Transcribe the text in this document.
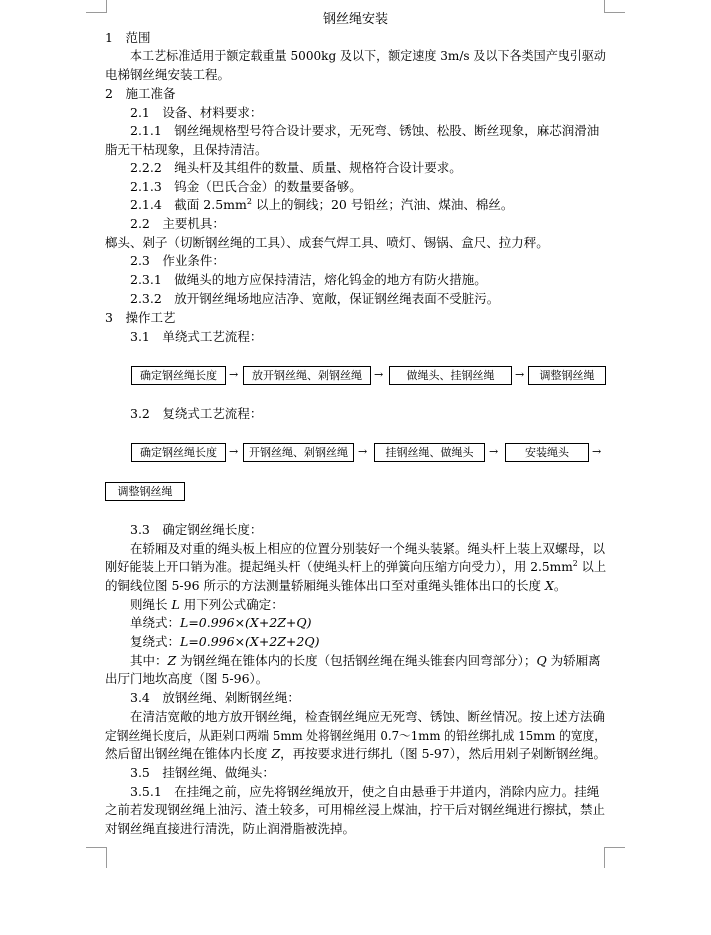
钢丝绳安装
1　范围
本工艺标准适用于额定载重量 5000kg 及以下，额定速度 3m/s 及以下各类国产曳引驱动
电梯钢丝绳安装工程。
2　施工准备
2.1　设备、材料要求：
2.1.1　钢丝绳规格型号符合设计要求，无死弯、锈蚀、松股、断丝现象，麻芯润滑油
脂无干枯现象，且保持清洁。
2.2.2　绳头杆及其组件的数量、质量、规格符合设计要求。
2.1.3　钨金（巴氏合金）的数量要备够。
2.1.4　截面 $2.5mm^2$ 以上的铜线；20 号铅丝；汽油、煤油、棉丝。
2.2　主要机具：
榔头、剁子（切断钢丝绳的工具）、成套气焊工具、喷灯、锡锅、盒尺、拉力秤。
2.3　作业条件：
2.3.1　做绳头的地方应保持清洁，熔化钨金的地方有防火措施。
2.3.2　放开钢丝绳场地应洁净、宽敞，保证钢丝绳表面不受脏污。
3　操作工艺
3.1　单绕式工艺流程：
确定钢丝绳长度	→	放开钢丝绳、剁钢丝绳	→	做绳头、挂钢丝绳	→	调整钢丝绳
3.2　复绕式工艺流程：
确定钢丝绳长度	→ 开钢丝绳、剁钢丝绳 →	挂钢丝绳、做绳头	→	安装绳头	→
调整钢丝绳
3.3　确定钢丝绳长度：
在轿厢及对重的绳头板上相应的位置分别装好一个绳头装紧。绳头杆上装上双螺母，以
刚好能装上开口销为准。提起绳头杆（使绳头杆上的弹簧向压缩方向受力），用 $2.5mm^2$ 以上
的铜线位图 5-96 所示的方法测量轿厢绳头锥体出口至对重绳头锥体出口的长度 X。
则绳长 L 用下列公式确定：
单绕式：L=0.996×(X+2Z+Q)
复绕式：L=0.996×(X+2Z+2Q)
其中：Z 为钢丝绳在锥体内的长度（包括钢丝绳在绳头锥套内回弯部分）；Q 为轿厢离
出厅门地坎高度（图 5-96）。
3.4　放钢丝绳、剁断钢丝绳：
在清洁宽敞的地方放开钢丝绳，检查钢丝绳应无死弯、锈蚀、断丝情况。按上述方法确
定钢丝绳长度后，从距剁口两端 5mm 处将钢丝绳用 0.7～1mm 的铅丝绑扎成 15mm 的宽度，
然后留出钢丝绳在锥体内长度 Z，再按要求进行绑扎（图 5-97），然后用剁子剁断钢丝绳。
3.5　挂钢丝绳、做绳头：
3.5.1　在挂绳之前，应先将钢丝绳放开，使之自由悬垂于井道内，消除内应力。挂绳
之前若发现钢丝绳上油污、渣土较多，可用棉丝浸上煤油，拧干后对钢丝绳进行擦拭，禁止
对钢丝绳直接进行清洗，防止润滑脂被洗掉。
